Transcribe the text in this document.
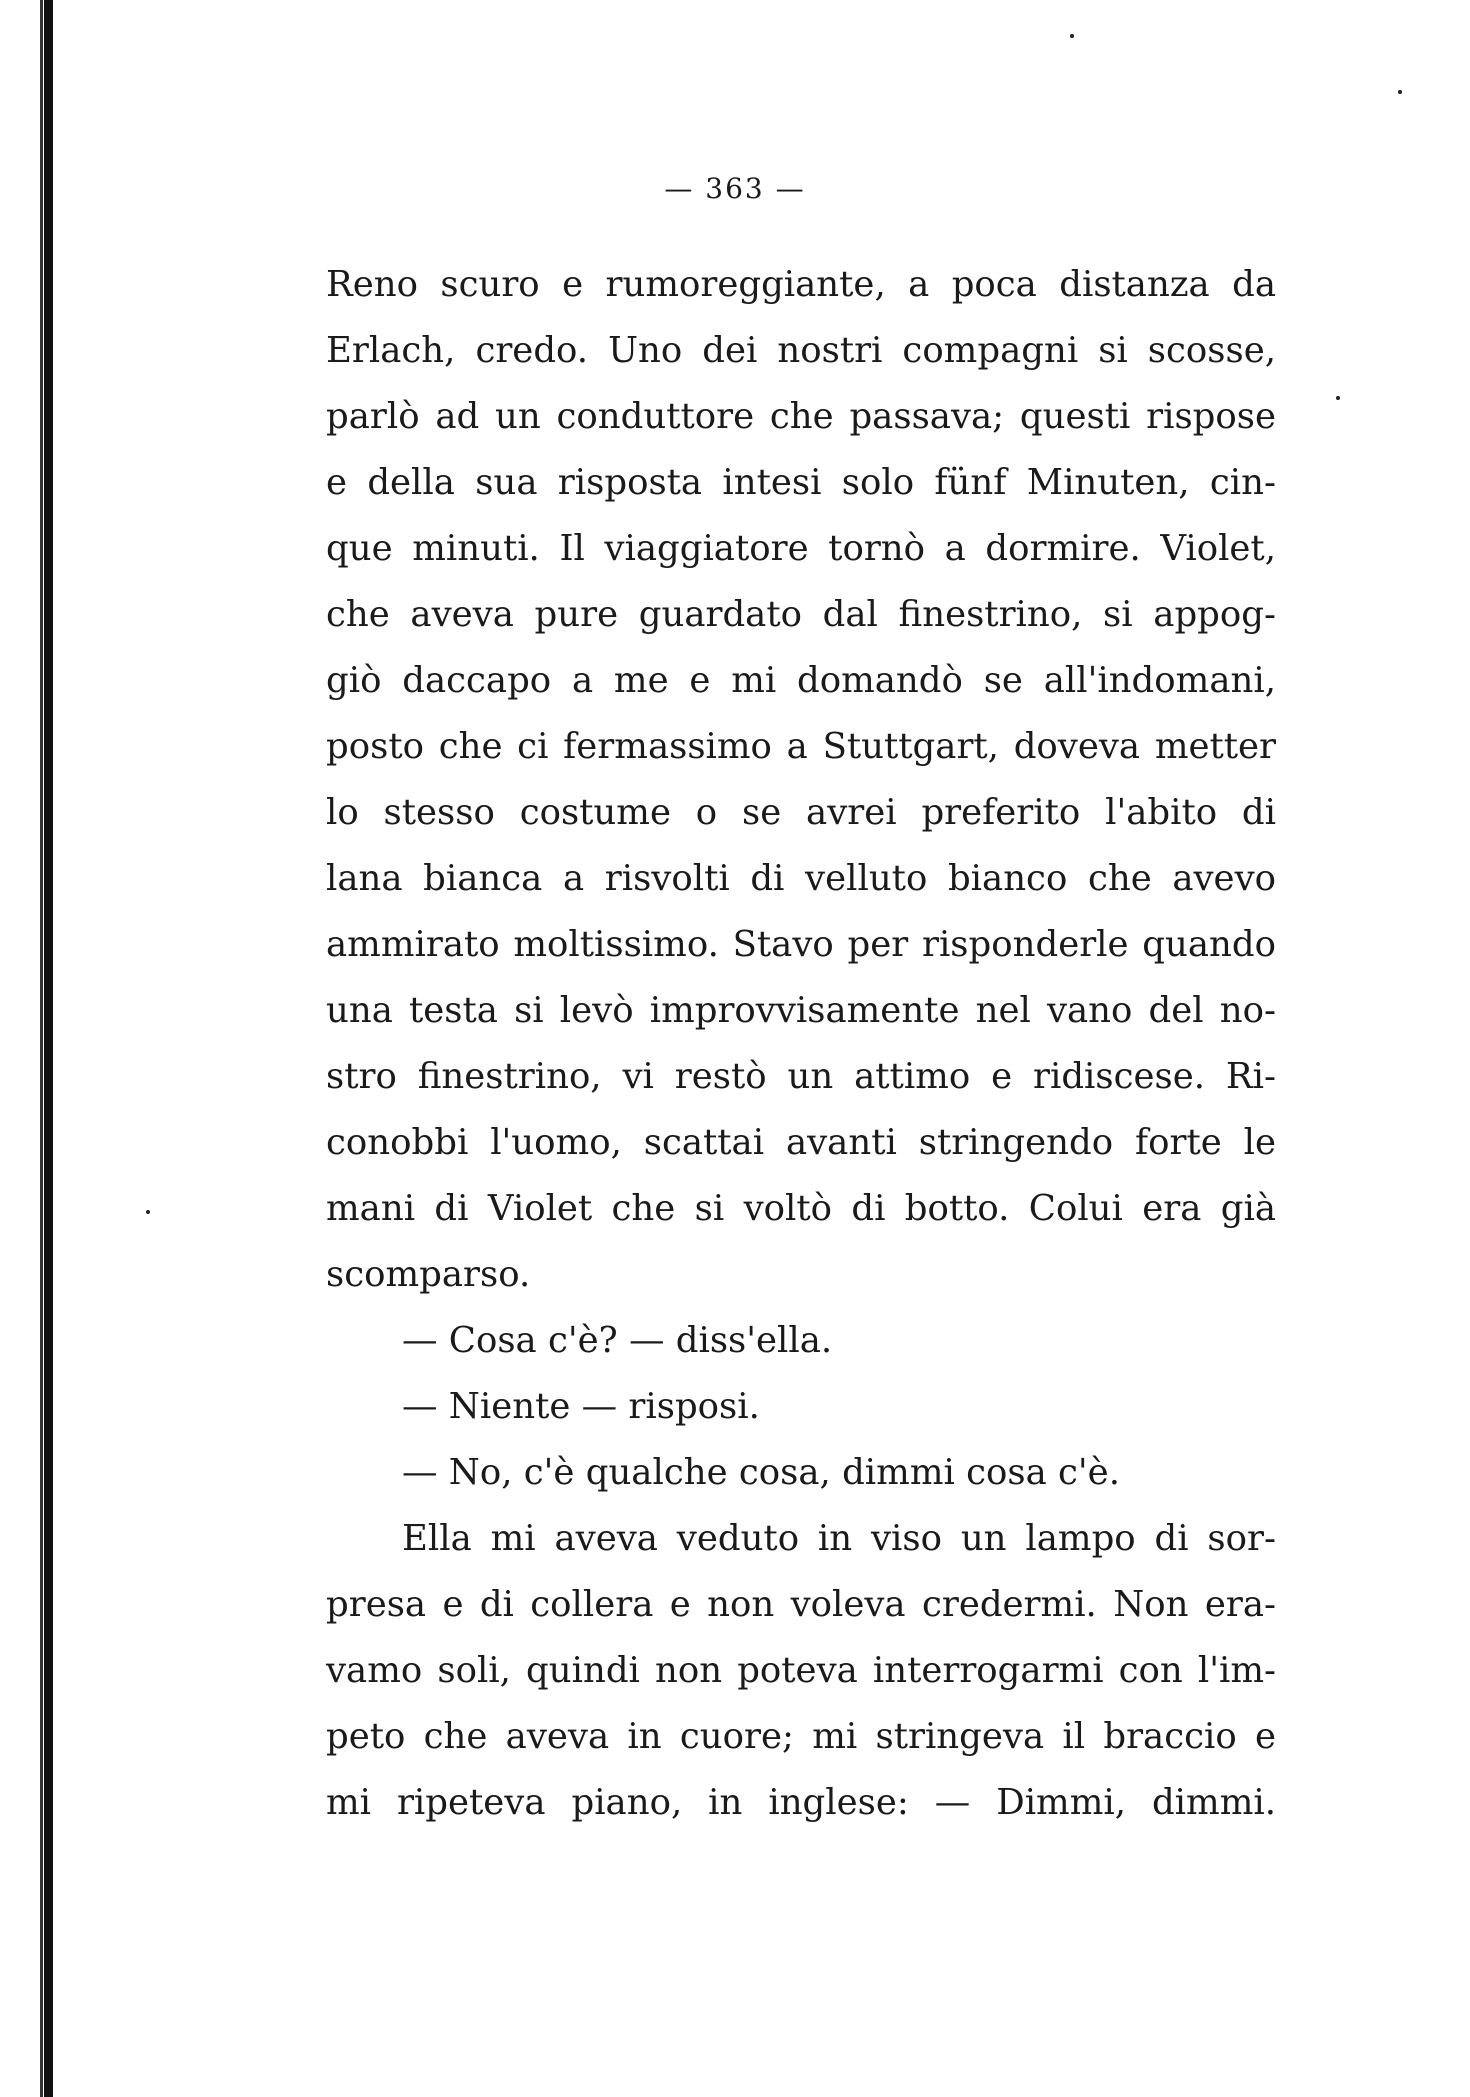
— 363 —
Reno scuro e rumoreggiante, a poca distanza da
Erlach, credo. Uno dei nostri compagni si scosse,
parlò ad un conduttore che passava; questi rispose
e della sua risposta intesi solo fünf Minuten, cin-
que minuti. Il viaggiatore tornò a dormire. Violet,
che aveva pure guardato dal finestrino, si appog-
giò daccapo a me e mi domandò se all'indomani,
posto che ci fermassimo a Stuttgart, doveva metter
lo stesso costume o se avrei preferito l'abito di
lana bianca a risvolti di velluto bianco che avevo
ammirato moltissimo. Stavo per risponderle quando
una testa si levò improvvisamente nel vano del no-
stro finestrino, vi restò un attimo e ridiscese. Ri-
conobbi l'uomo, scattai avanti stringendo forte le
mani di Violet che si voltò di botto. Colui era già
scomparso.
— Cosa c'è? — diss'ella.
— Niente — risposi.
— No, c'è qualche cosa, dimmi cosa c'è.
Ella mi aveva veduto in viso un lampo di sor-
presa e di collera e non voleva credermi. Non era-
vamo soli, quindi non poteva interrogarmi con l'im-
peto che aveva in cuore; mi stringeva il braccio e
mi ripeteva piano, in inglese: — Dimmi, dimmi.
